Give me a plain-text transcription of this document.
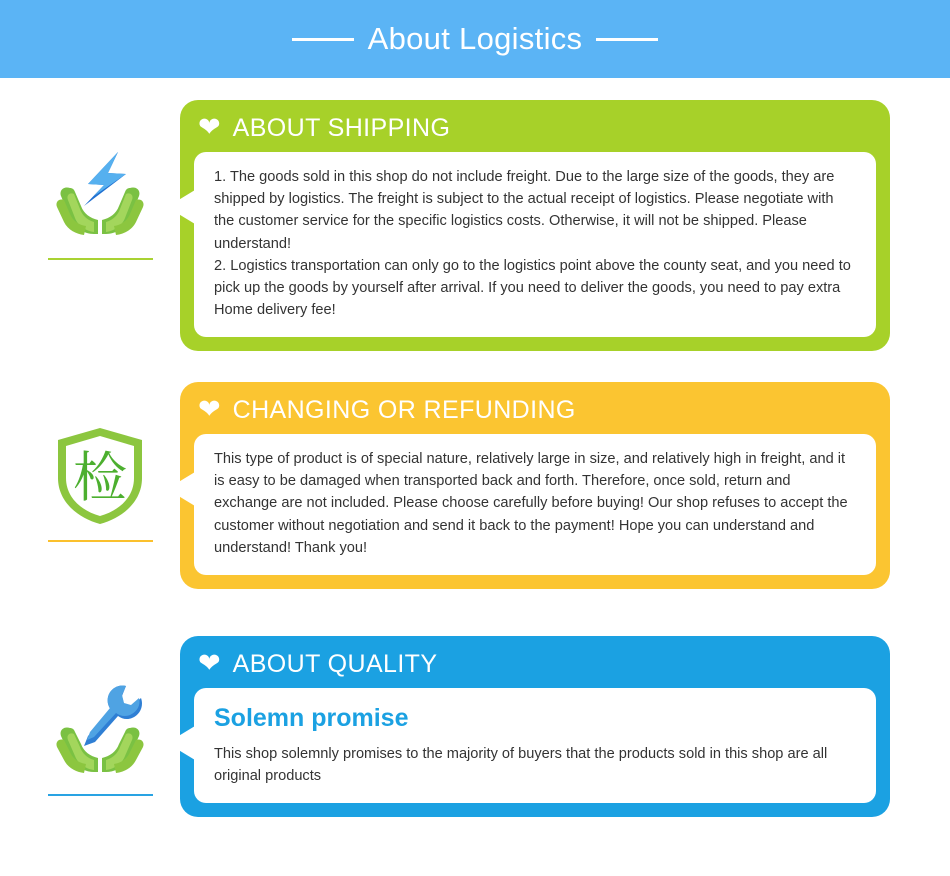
About Logistics
❤ ABOUT SHIPPING

1. The goods sold in this shop do not include freight. Due to the large size of the goods, they are shipped by logistics. The freight is subject to the actual receipt of logistics. Please negotiate with the customer service for the specific logistics costs. Otherwise, it will not be shipped. Please understand!

2. Logistics transportation can only go to the logistics point above the county seat, and you need to pick up the goods by yourself after arrival. If you need to deliver the goods, you need to pay extra Home delivery fee!

检
❤ CHANGING OR REFUNDING

This type of product is of special nature, relatively large in size, and relatively high in freight, and it is easy to be damaged when transported back and forth. Therefore, once sold, return and exchange are not included. Please choose carefully before buying! Our shop refuses to accept the customer without negotiation and send it back to the payment! Hope you can understand and understand! Thank you!

❤ ABOUT QUALITY
Solemn promise

This shop solemnly promises to the majority of buyers that the products sold in this shop are all original products
